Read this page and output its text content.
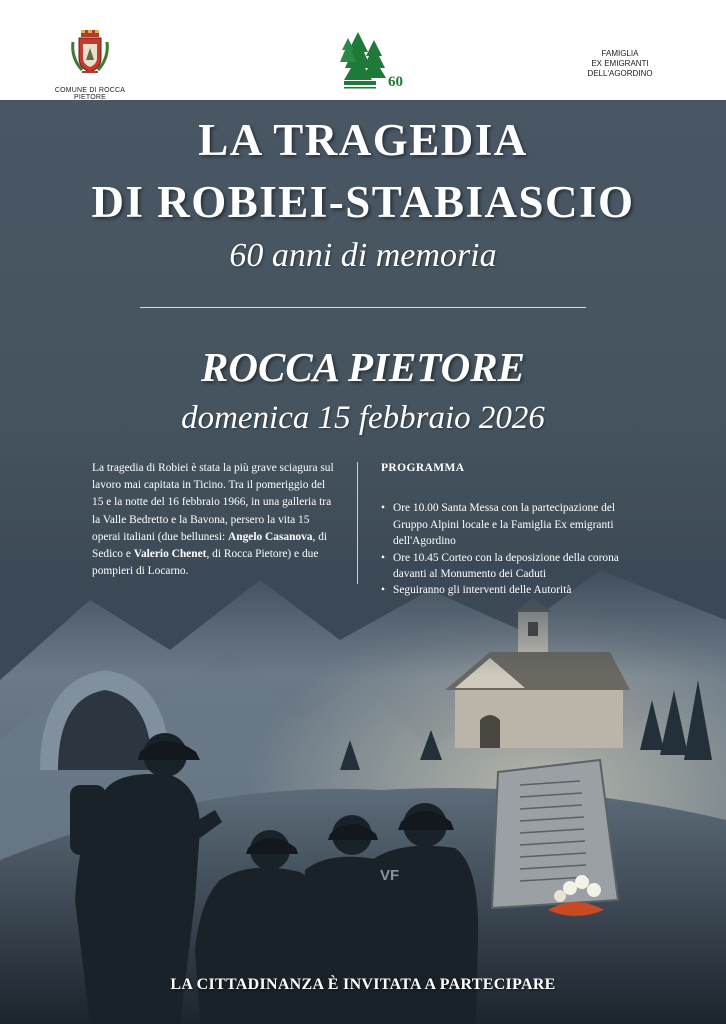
COMUNE DI ROCCA PIETORE
60
FAMIGLIA
EX EMIGRANTI
DELL'AGORDINO
LA TRAGEDIA
DI ROBIEI-STABIASCIO
60 anni di memoria
ROCCA PIETORE
domenica 15 febbraio 2026

La tragedia di Robiei è stata la più grave sciagura sul lavoro mai capitata in Ticino. Tra il pomeriggio del 15 e la notte del 16 febbraio 1966, in una galleria tra la Valle Bedretto e la Bavona, persero la vita 15 operai italiani (due bellunesi: Angelo Casanova, di Sedico e Valerio Chenet, di Rocca Pietore) e due pompieri di Locarno.

PROGRAMMA
• Ore 10.00 Santa Messa con la partecipazione del Gruppo Alpini locale e la Famiglia Ex emigranti dell'Agordino
• Ore 10.45 Corteo con la deposizione della corona davanti al Monumento dei Caduti
• Seguiranno gli interventi delle Autorità
LA CITTADINANZA È INVITATA A PARTECIPARE
